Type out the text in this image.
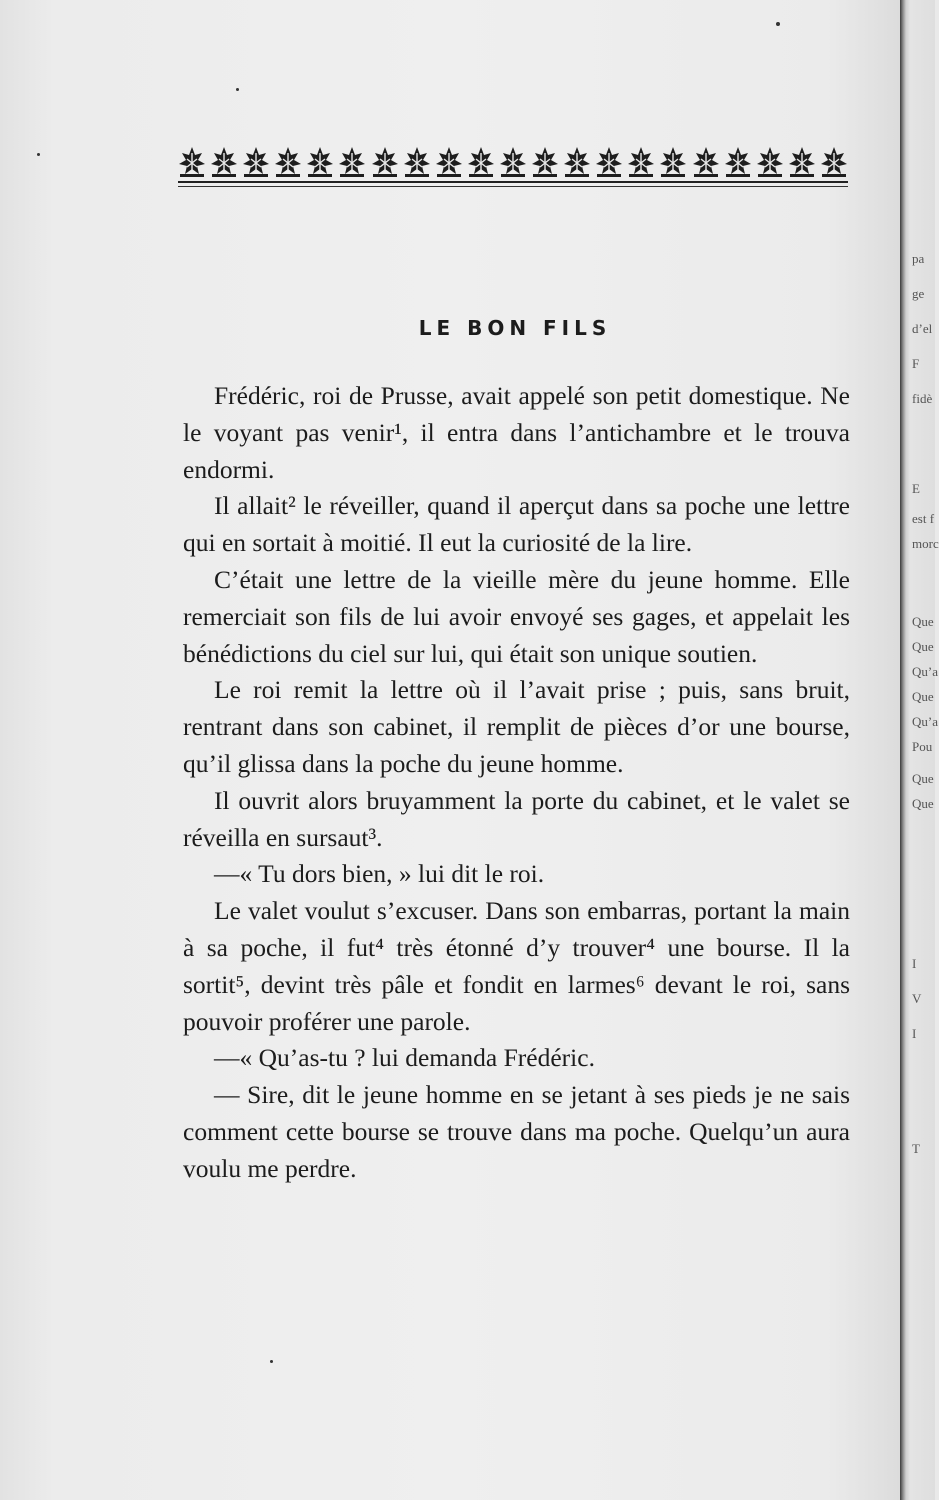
LE BON FILS

Frédéric, roi de Prusse, avait appelé son petit domestique. Ne le voyant pas venir¹, il entra dans l’antichambre et le trouva endormi.

Il allait² le réveiller, quand il aperçut dans sa poche une lettre qui en sortait à moitié. Il eut la curiosité de la lire.

C’était une lettre de la vieille mère du jeune homme. Elle remerciait son fils de lui avoir envoyé ses gages, et appelait les bénédictions du ciel sur lui, qui était son unique soutien.

Le roi remit la lettre où il l’avait prise ; puis, sans bruit, rentrant dans son cabinet, il remplit de pièces d’or une bourse, qu’il glissa dans la poche du jeune homme.

Il ouvrit alors bruyamment la porte du cabinet, et le valet se réveilla en sursaut³.

—« Tu dors bien, » lui dit le roi.

Le valet voulut s’excuser. Dans son embarras, portant la main à sa poche, il fut⁴ très étonné d’y trouver⁴ une bourse. Il la sortit⁵, devint très pâle et fondit en larmes⁶ devant le roi, sans pouvoir proférer une parole.

—« Qu’as-tu ? lui demanda Frédéric.

— Sire, dit le jeune homme en se jetant à ses pieds je ne sais comment cette bourse se trouve dans ma poche. Quelqu’un aura voulu me perdre.

pa
ge
d’el
F
fidè
E
est f
morc
Que
Que
Qu’a
Que
Qu’a
Pou
Que
Que
I
V
I
T
